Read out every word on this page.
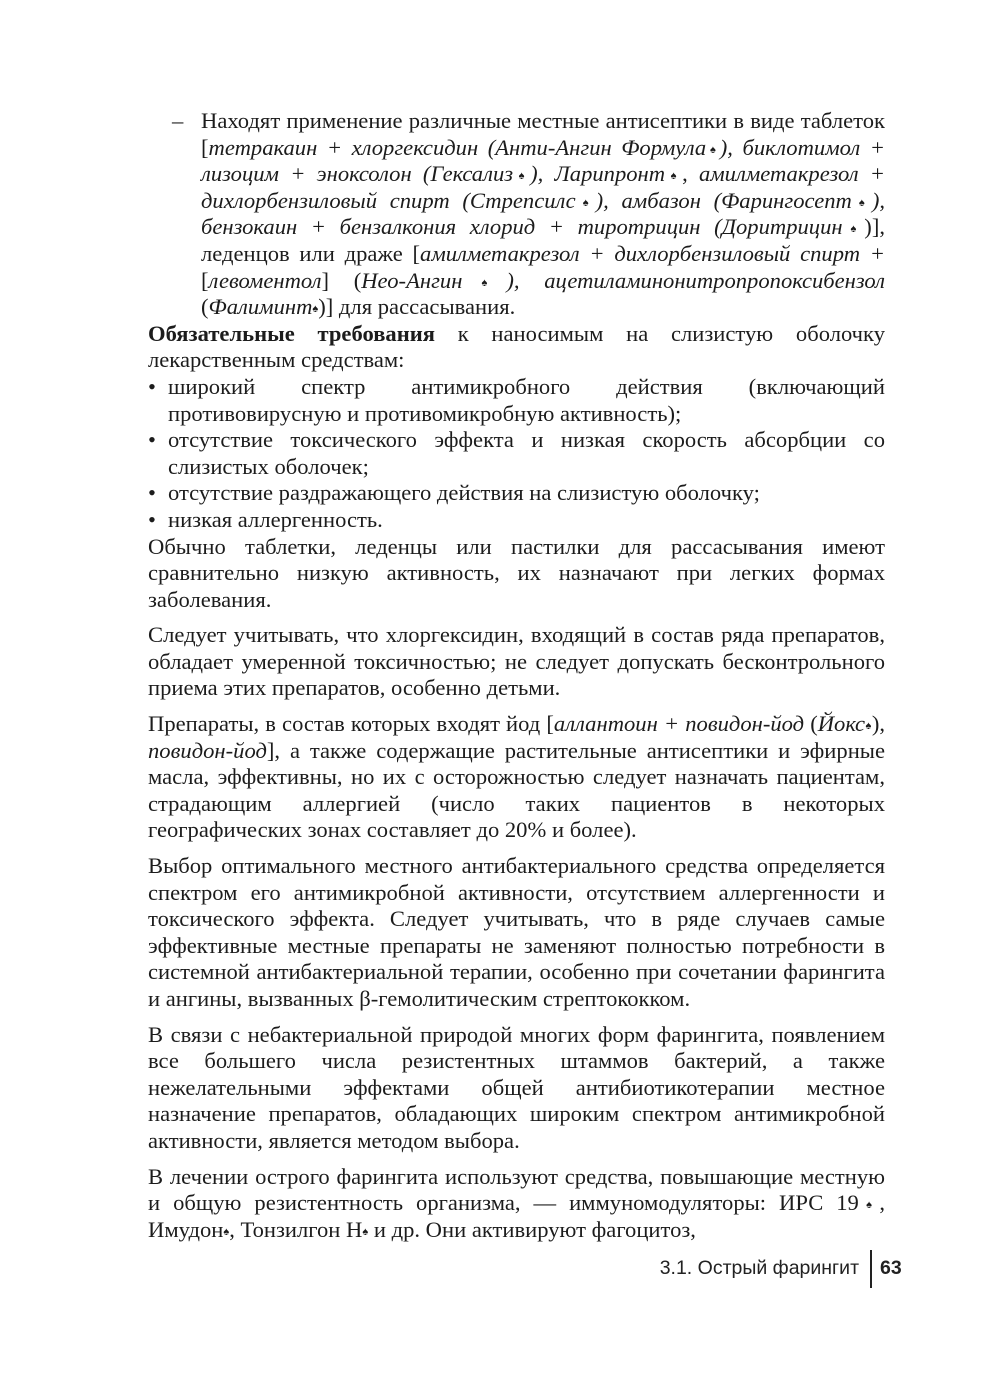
– Находят применение различные местные антисептики в виде таблеток [тетракаин + хлоргексидин (Анти-Ангин Формула♠), биклотимол + лизоцим + эноксолон (Гексализ♠), Ларипронт♠, амилметакрезол + дихлорбензиловый спирт (Стрепсилс♠), амбазон (Фарингосепт♠), бензокаин + бензалкония хлорид + тиротрицин (Доритрицин♠)], леденцов или драже [амилметакрезол + дихлорбензиловый спирт + [левоментол] (Нео-Ангин♠), ацетиламинонитропропоксибензол (Фалиминт♠)] для рассасывания.

Обязательные требования к наносимым на слизистую оболочку лекарственным средствам:

• широкий спектр антимикробного действия (включающий противовирусную и противомикробную активность);
• отсутствие токсического эффекта и низкая скорость абсорбции со слизистых оболочек;
• отсутствие раздражающего действия на слизистую оболочку;
• низкая аллергенность.

Обычно таблетки, леденцы или пастилки для рассасывания имеют сравнительно низкую активность, их назначают при легких формах заболевания.

Следует учитывать, что хлоргексидин, входящий в состав ряда препаратов, обладает умеренной токсичностью; не следует допускать бесконтрольного приема этих препаратов, особенно детьми.

Препараты, в состав которых входят йод [аллантоин + повидон-йод (Йокс♠), повидон-йод], а также содержащие растительные антисептики и эфирные масла, эффективны, но их с осторожностью следует назначать пациентам, страдающим аллергией (число таких пациентов в некоторых географических зонах составляет до 20% и более).

Выбор оптимального местного антибактериального средства определяется спектром его антимикробной активности, отсутствием аллергенности и токсического эффекта. Следует учитывать, что в ряде случаев самые эффективные местные препараты не заменяют полностью потребности в системной антибактериальной терапии, особенно при сочетании фарингита и ангины, вызванных β-гемолитическим стрептококком.

В связи с небактериальной природой многих форм фарингита, появлением все большего числа резистентных штаммов бактерий, а также нежелательными эффектами общей антибиотикотерапии местное назначение препаратов, обладающих широким спектром антимикробной активности, является методом выбора.

В лечении острого фарингита используют средства, повышающие местную и общую резистентность организма, — иммуномодуляторы: ИРС 19♠, Имудон♠, Тонзилгон Н♠ и др. Они активируют фагоцитоз,

3.1. Острый фарингит 63
